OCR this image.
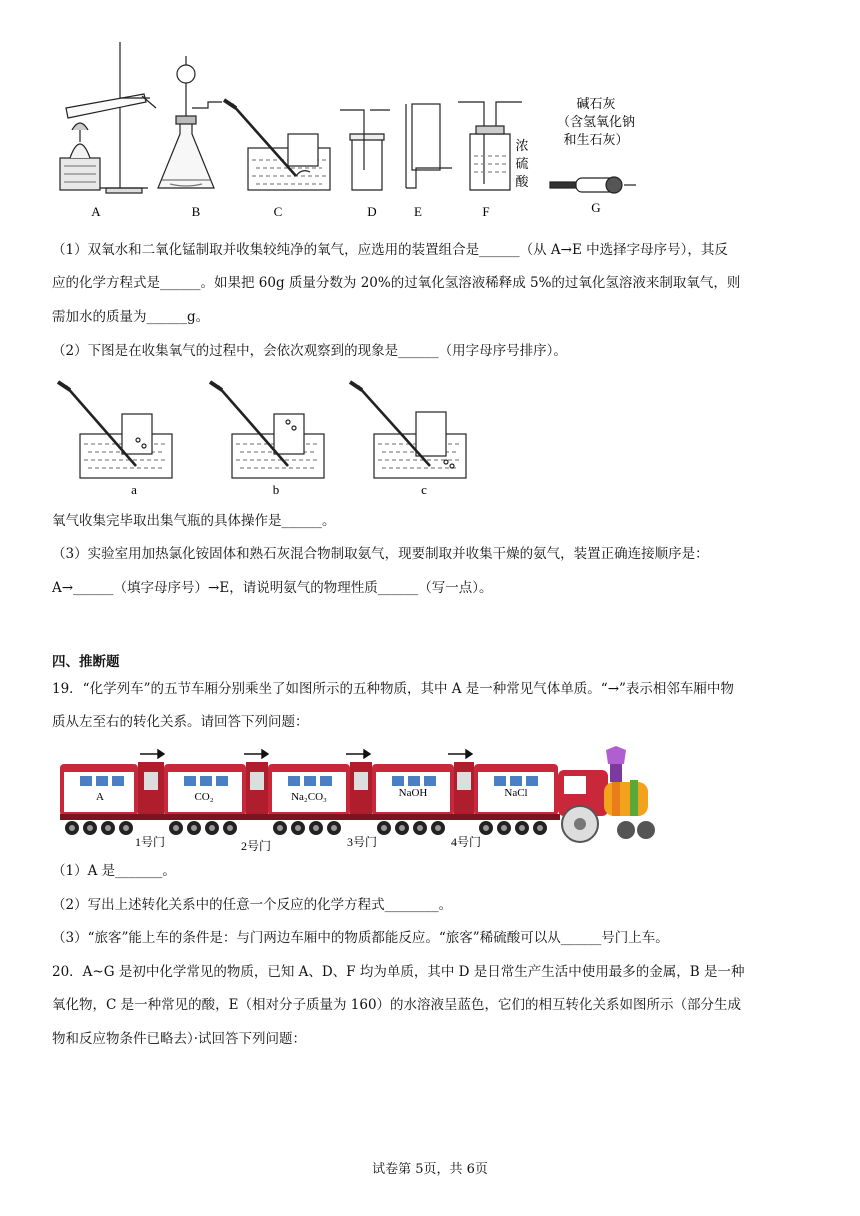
A	B	C	D	E	F	G
浓
硫
酸
碱石灰
（含氢氧化钠
和生石灰）
（1）双氧水和二氧化锰制取并收集较纯净的氧气，应选用的装置组合是______（从 A→E 中选择字母序号），其反
应的化学方程式是______。如果把 60g 质量分数为 20%的过氧化氢溶液稀释成 5%的过氧化氢溶液来制取氧气，则
需加水的质量为______g。
（2）下图是在收集氧气的过程中，会依次观察到的现象是______（用字母序号排序）。
a	b	c
氧气收集完毕取出集气瓶的具体操作是______。
（3）实验室用加热氯化铵固体和熟石灰混合物制取氨气，现要制取并收集干燥的氨气，装置正确连接顺序是：
A→______（填字母序号）→E，请说明氨气的物理性质______（写一点）。
四、推断题
19．“化学列车”的五节车厢分别乘坐了如图所示的五种物质，其中 A 是一种常见气体单质。“→”表示相邻车厢中物
质从左至右的转化关系。请回答下列问题：
A	CO₂	Na₂CO₃	NaOH	NaCl
1号门	2号门	3号门	4号门
（1）A 是_______。
（2）写出上述转化关系中的任意一个反应的化学方程式________。
（3）“旅客”能上车的条件是：与门两边车厢中的物质都能反应。“旅客”稀硫酸可以从______号门上车。
20．A~G 是初中化学常见的物质，已知 A、D、F 均为单质，其中 D 是日常生产生活中使用最多的金属，B 是一种
氧化物，C 是一种常见的酸，E（相对分子质量为 160）的水溶液呈蓝色，它们的相互转化关系如图所示（部分生成
物和反应物条件已略去）·试回答下列问题：
试卷第 5页，共 6页
